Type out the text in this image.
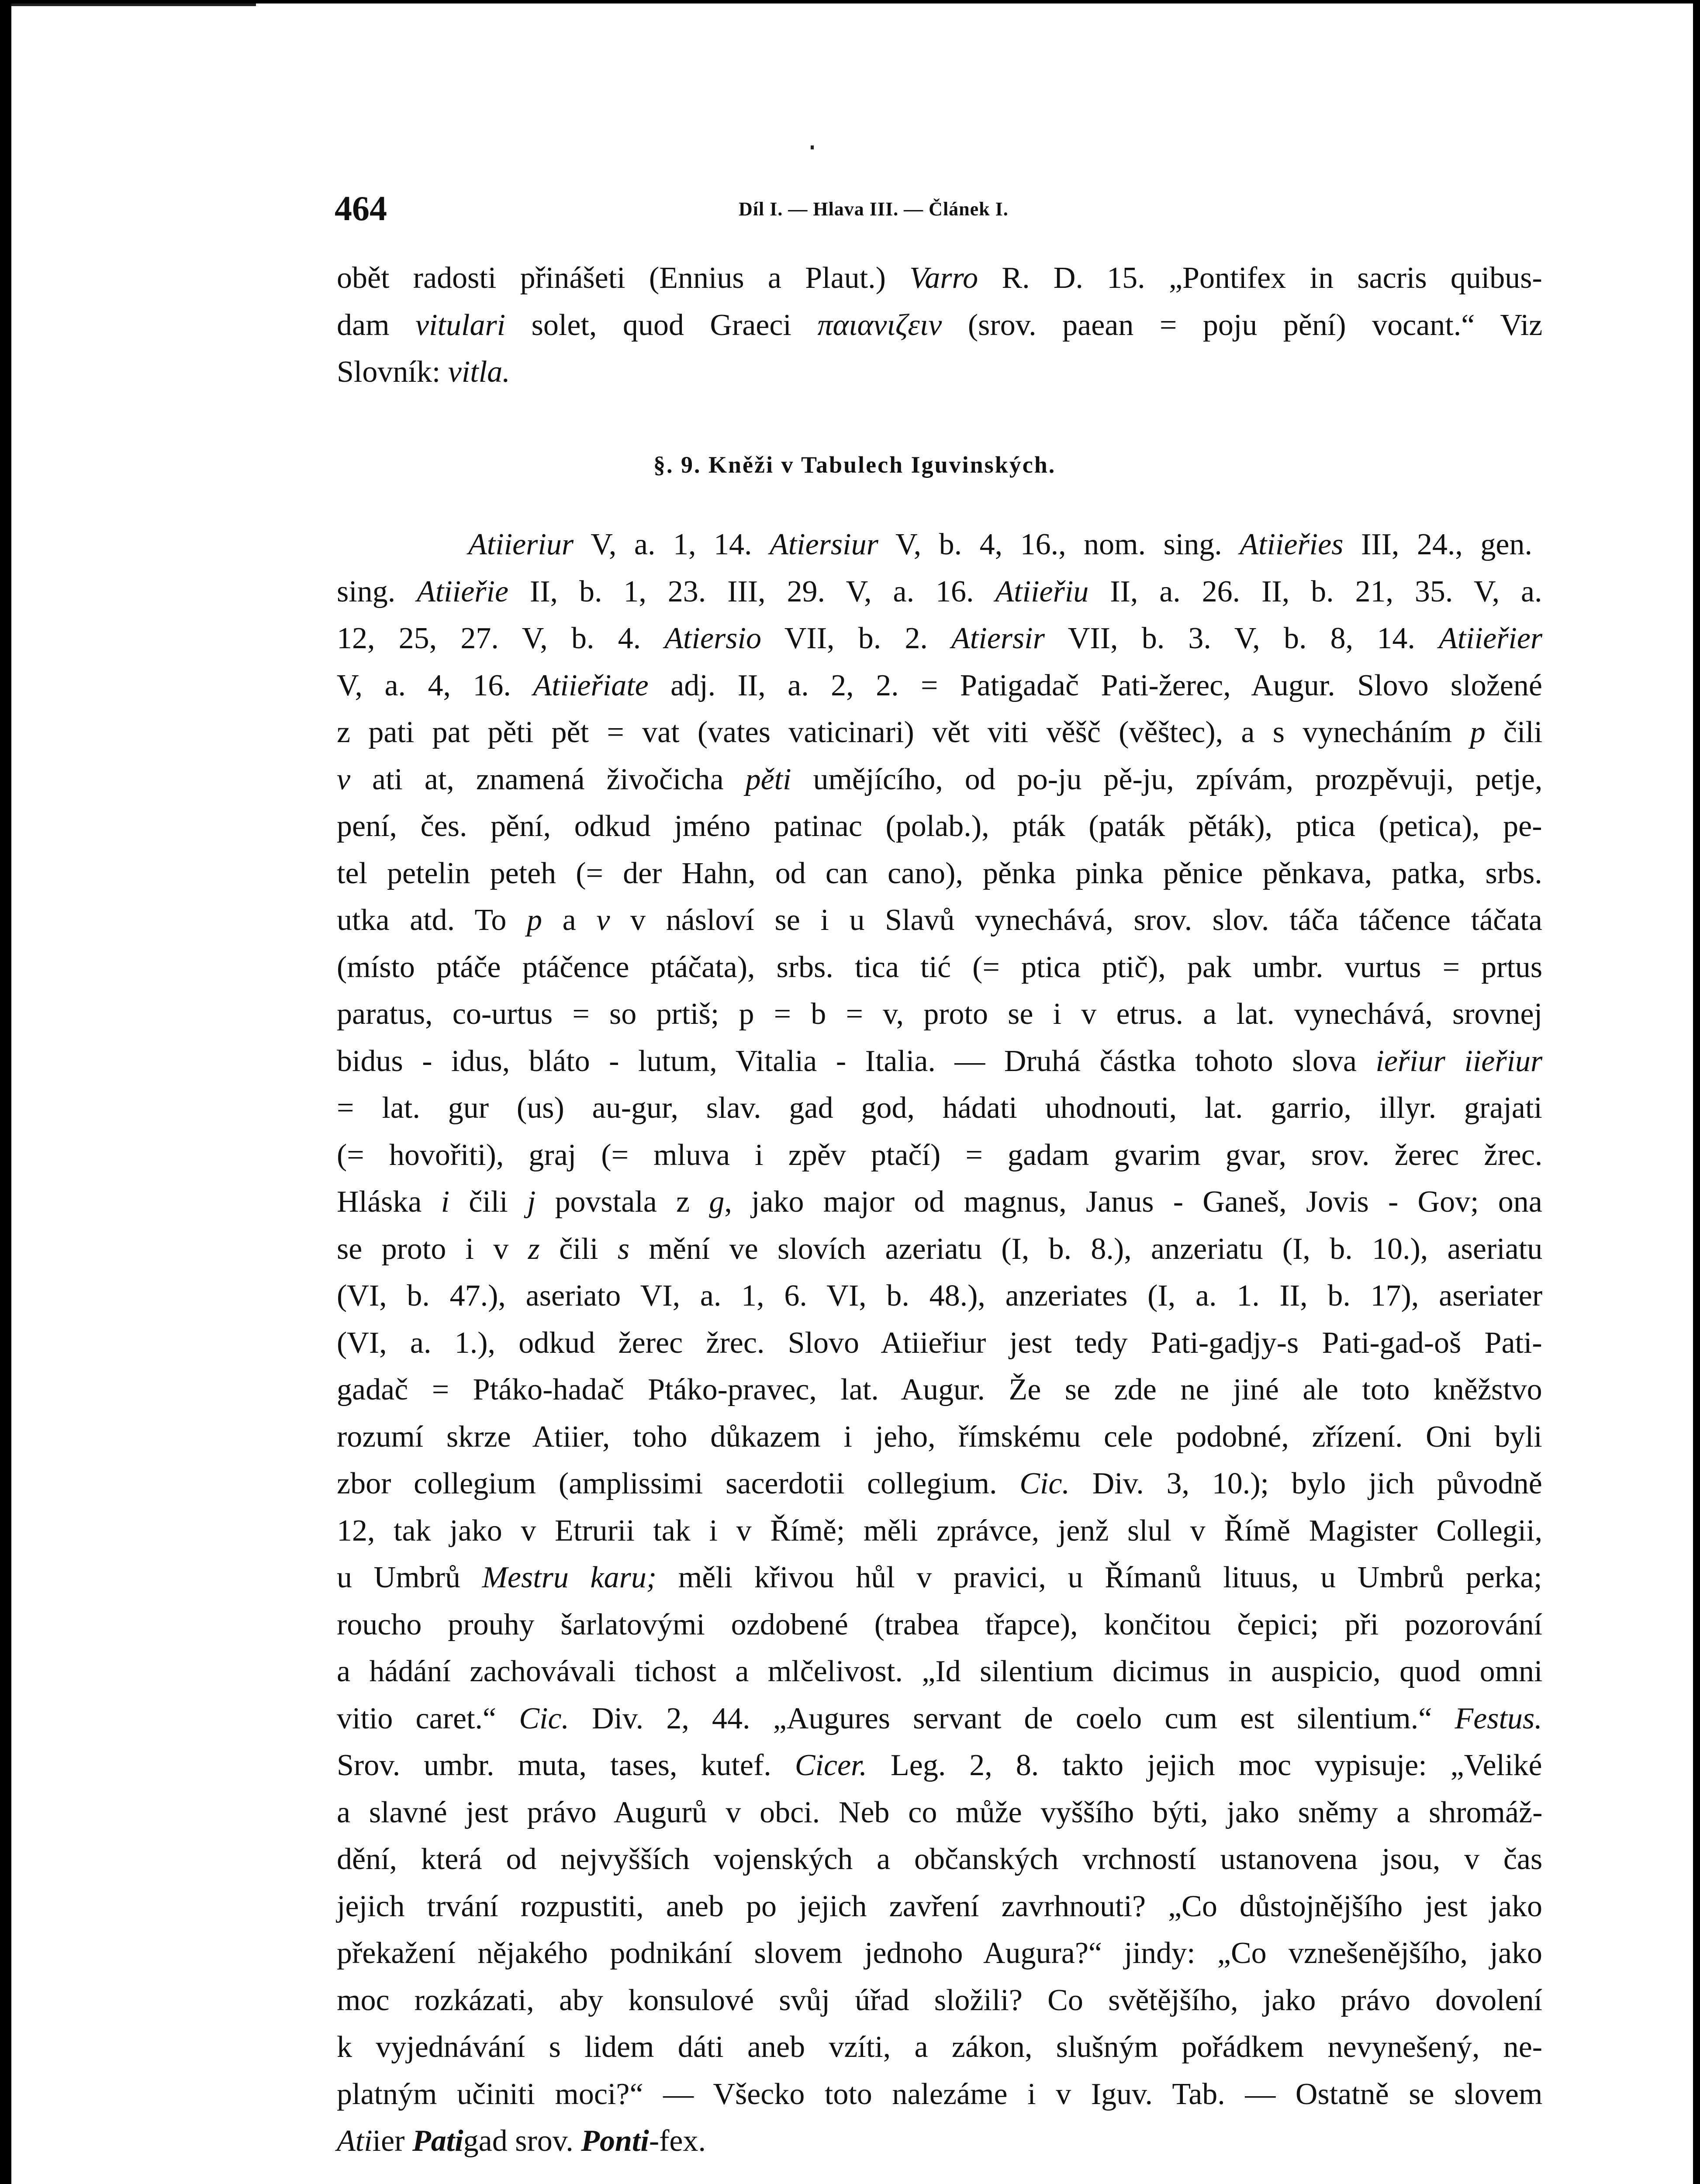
464	Díl I. — Hlava III. — Článek I.
obět radosti přinášeti (Ennius a Plaut.) Varro R. D. 15. „Pontifex in sacris quibus-
dam vitulari solet, quod Graeci παιανιζειν (srov. paean = poju pění) vocant.“ Viz
Slovník: vitla.
§. 9. Kněži v Tabulech Iguvinských.
Atiieriur V, a. 1, 14. Atiersiur V, b. 4, 16., nom. sing. Atiieřies III, 24., gen.
sing. Atiieřie II, b. 1, 23. III, 29. V, a. 16. Atiieřiu II, a. 26. II, b. 21, 35. V, a.
12, 25, 27. V, b. 4. Atiersio VII, b. 2. Atiersir VII, b. 3. V, b. 8, 14. Atiieřier
V, a. 4, 16. Atiieřiate adj. II, a. 2, 2. = Patigadač Pati-žerec, Augur. Slovo složené
z pati pat pěti pět = vat (vates vaticinari) vět viti věšč (věštec), a s vynecháním p čili
v ati at, znamená živočicha pěti umějícího, od po-ju pě-ju, zpívám, prozpěvuji, petje,
pení, čes. pění, odkud jméno patinac (polab.), pták (paták pěták), ptica (petica), pe-
tel petelin peteh (= der Hahn, od can cano), pěnka pinka pěnice pěnkava, patka, srbs.
utka atd. To p a v v násloví se i u Slavů vynechává, srov. slov. táča táčence táčata
(místo ptáče ptáčence ptáčata), srbs. tica tić (= ptica ptič), pak umbr. vurtus = prtus
paratus, co-urtus = so prtiš; p = b = v, proto se i v etrus. a lat. vynechává, srovnej
bidus - idus, bláto - lutum, Vitalia - Italia. — Druhá částka tohoto slova ieřiur iieřiur
= lat. gur (us) au-gur, slav. gad god, hádati uhodnouti, lat. garrio, illyr. grajati
(= hovořiti), graj (= mluva i zpěv ptačí) = gadam gvarim gvar, srov. žerec žrec.
Hláska i čili j povstala z g, jako major od magnus, Janus - Ganeš, Jovis - Gov; ona
se proto i v z čili s mění ve slovích azeriatu (I, b. 8.), anzeriatu (I, b. 10.), aseriatu
(VI, b. 47.), aseriato VI, a. 1, 6. VI, b. 48.), anzeriates (I, a. 1. II, b. 17), aseriater
(VI, a. 1.), odkud žerec žrec. Slovo Atiieřiur jest tedy Pati-gadjy-s Pati-gad-oš Pati-
gadač = Ptáko-hadač Ptáko-pravec, lat. Augur. Že se zde ne jiné ale toto kněžstvo
rozumí skrze Atiier, toho důkazem i jeho, římskému cele podobné, zřízení. Oni byli
zbor collegium (amplissimi sacerdotii collegium. Cic. Div. 3, 10.); bylo jich původně
12, tak jako v Etrurii tak i v Římě; měli zprávce, jenž slul v Římě Magister Collegii,
u Umbrů Mestru karu; měli křivou hůl v pravici, u Římanů lituus, u Umbrů perka;
roucho prouhy šarlatovými ozdobené (trabea třapce), končitou čepici; při pozorování
a hádání zachovávali tichost a mlčelivost. „Id silentium dicimus in auspicio, quod omni
vitio caret.“ Cic. Div. 2, 44. „Augures servant de coelo cum est silentium.“ Festus.
Srov. umbr. muta, tases, kutef. Cicer. Leg. 2, 8. takto jejich moc vypisuje: „Veliké
a slavné jest právo Augurů v obci. Neb co může vyššího býti, jako sněmy a shromáž-
dění, která od nejvyšších vojenských a občanských vrchností ustanovena jsou, v čas
jejich trvání rozpustiti, aneb po jejich zavření zavrhnouti? „Co důstojnějšího jest jako
překažení nějakého podnikání slovem jednoho Augura?“ jindy: „Co vznešenějšího, jako
moc rozkázati, aby konsulové svůj úřad složili? Co světějšího, jako právo dovolení
k vyjednávání s lidem dáti aneb vzíti, a zákon, slušným pořádkem nevynešený, ne-
platným učiniti moci?“ — Všecko toto nalezáme i v Iguv. Tab. — Ostatně se slovem
Atiier Patigad srov. Ponti-fex.
